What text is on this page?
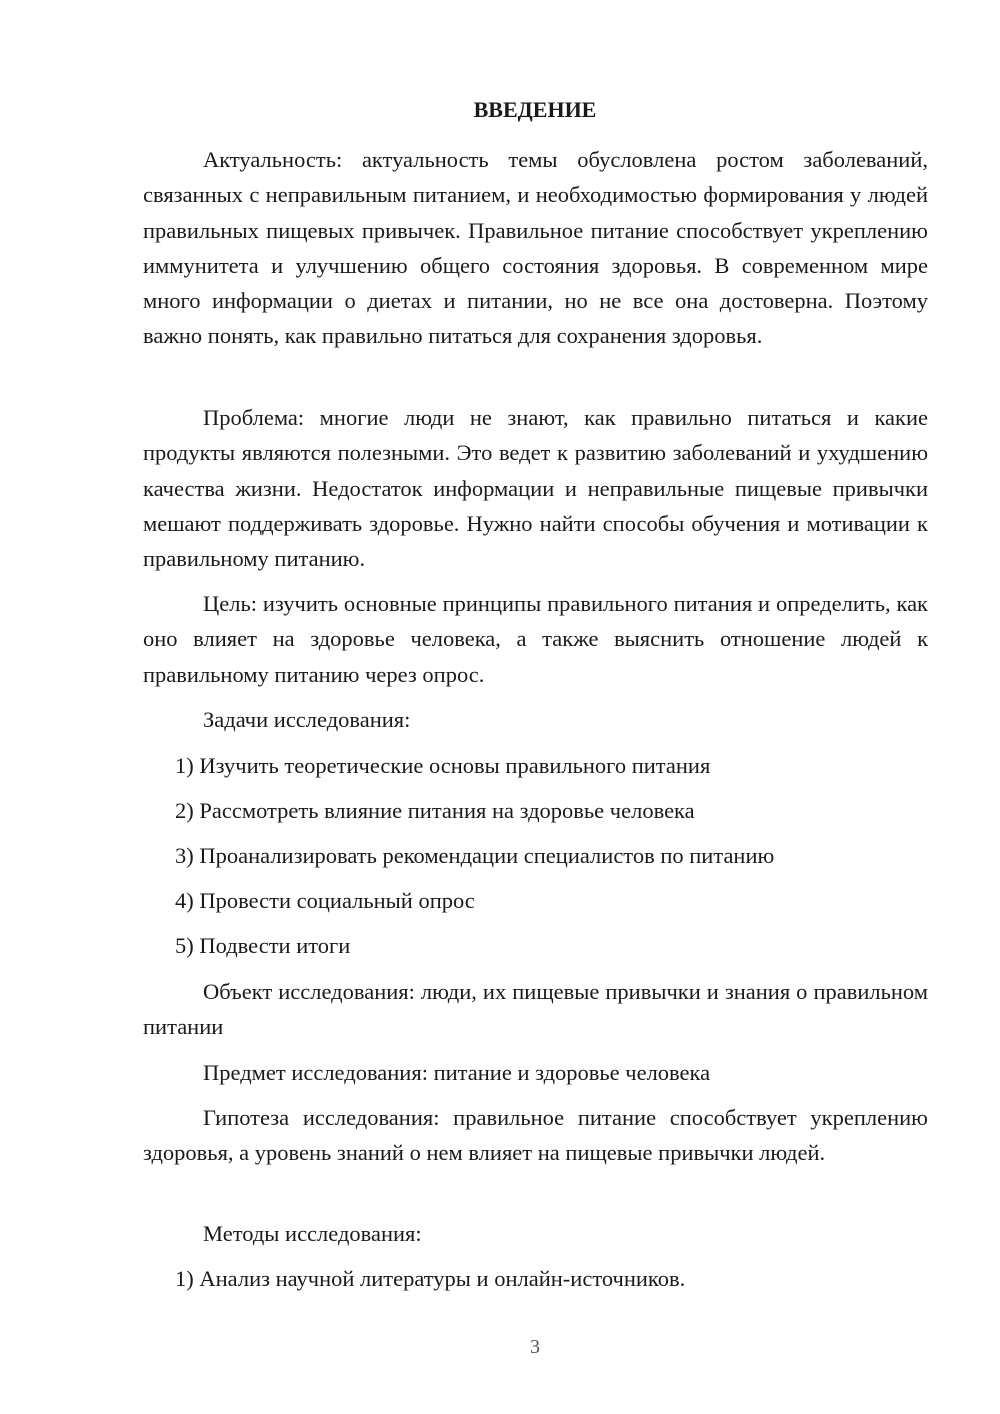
ВВЕДЕНИЕ

Актуальность: актуальность темы обусловлена ростом заболеваний, связанных с неправильным питанием, и необходимостью формирования у людей правильных пищевых привычек. Правильное питание способствует укреплению иммунитета и улучшению общего состояния здоровья. В современном мире много информации о диетах и питании, но не все она достоверна. Поэтому важно понять, как правильно питаться для сохранения здоровья.

Проблема: многие люди не знают, как правильно питаться и какие продукты являются полезными. Это ведет к развитию заболеваний и ухудшению качества жизни. Недостаток информации и неправильные пищевые привычки мешают поддерживать здоровье. Нужно найти способы обучения и мотивации к правильному питанию.

Цель: изучить основные принципы правильного питания и определить, как оно влияет на здоровье человека, а также выяснить отношение людей к правильному питанию через опрос.

Задачи исследования:

1) Изучить теоретические основы правильного питания

2) Рассмотреть влияние питания на здоровье человека

3) Проанализировать рекомендации специалистов по питанию

4) Провести социальный опрос

5) Подвести итоги

Объект исследования: люди, их пищевые привычки и знания о правильном питании

Предмет исследования: питание и здоровье человека

Гипотеза исследования: правильное питание способствует укреплению здоровья, а уровень знаний о нем влияет на пищевые привычки людей.

Методы исследования:

1) Анализ научной литературы и онлайн-источников.

3
